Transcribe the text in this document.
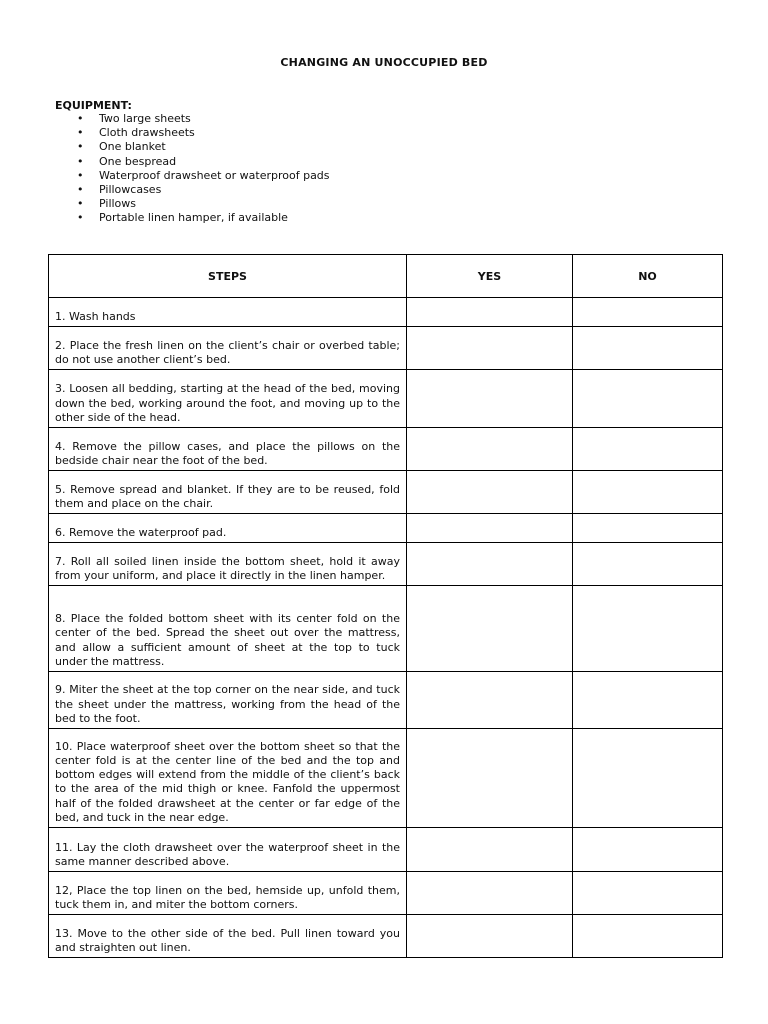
CHANGING AN UNOCCUPIED BED
EQUIPMENT:
• Two large sheets
• Cloth drawsheets
• One blanket
• One bespread
• Waterproof drawsheet or waterproof pads
• Pillowcases
• Pillows
• Portable linen hamper, if available
STEPS	YES	NO
1. Wash hands		
2. Place the fresh linen on the client’s chair or overbed table; do not use another client’s bed.		
3. Loosen all bedding, starting at the head of the bed, moving down the bed, working around the foot, and moving up to the other side of the head.		
4. Remove the pillow cases, and place the pillows on the bedside chair near the foot of the bed.		
5. Remove spread and blanket. If they are to be reused, fold them and place on the chair.		
6. Remove the waterproof pad.		
7. Roll all soiled linen inside the bottom sheet, hold it away from your uniform, and place it directly in the linen hamper.		
8. Place the folded bottom sheet with its center fold on the center of the bed. Spread the sheet out over the mattress, and allow a sufficient amount of sheet at the top to tuck under the mattress.		
9. Miter the sheet at the top corner on the near side, and tuck the sheet under the mattress, working from the head of the bed to the foot.		
10. Place waterproof sheet over the bottom sheet so that the center fold is at the center line of the bed and the top and bottom edges will extend from the middle of the client’s back to the area of the mid thigh or knee. Fanfold the uppermost half of the folded drawsheet at the center or far edge of the bed, and tuck in the near edge.		
11. Lay the cloth drawsheet over the waterproof sheet in the same manner described above.		
12, Place the top linen on the bed, hemside up, unfold them, tuck them in, and miter the bottom corners.		
13. Move to the other side of the bed. Pull linen toward you and straighten out linen.		
